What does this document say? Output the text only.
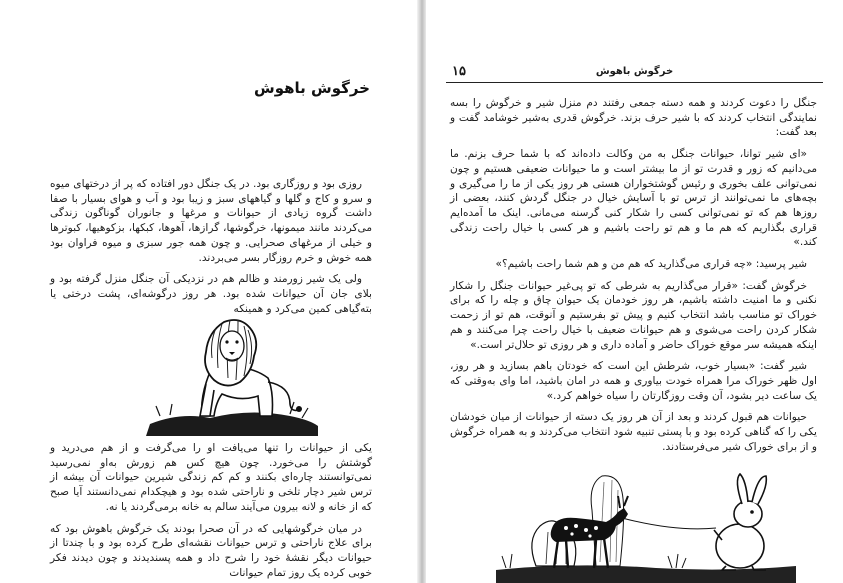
خرگوش باهوش

روزی بود و روزگاری بود. در یک جنگل دور افتاده که پر از درختهای میوه و سرو و کاج و گلها و گیاههای سبز و زیبا بود و آب و هوای بسیار با صفا داشت گروه زیادی از حیوانات و مرغها و جانوران گوناگون زندگی می‌کردند مانند میمونها، خرگوشها، گرازها، آهوها، کبکها، بزکوهیها، کبوترها و خیلی از مرغهای صحرایی. و چون همه جور سبزی و میوه فراوان بود همه خوش و خرم روزگار بسر می‌بردند.

ولی یک شیر زورمند و ظالم هم در نزدیکی آن جنگل منزل گرفته بود و بلای جان آن حیوانات شده بود. هر روز درگوشه‌ای، پشت درختی یا بته‌گیاهی کمین می‌کرد و همینکه

یکی از حیوانات را تنها می‌یافت او را می‌گرفت و از هم می‌درید و گوشتش را می‌خورد. چون هیچ کس هم زورش به‌او نمی‌رسید نمی‌توانستند چاره‌ای بکنند و کم کم زندگی شیرین حیوانات آن بیشه از ترس شیر دچار تلخی و ناراحتی شده بود و هیچکدام نمی‌دانستند آیا صبح که از خانه و لانه بیرون می‌آیند سالم به خانه برمی‌گردند یا نه.

در میان خرگوشهایی که در آن صحرا بودند یک خرگوش باهوش بود که برای علاج ناراحتی و ترس حیوانات نقشه‌ای طرح کرده بود و با چندتا از حیوانات دیگر نقشهٔ خود را شرح داد و همه پسندیدند و چون دیدند فکر خوبی کرده یک روز تمام حیوانات

خرگوش باهوش
۱۵

جنگل را دعوت کردند و همه دسته جمعی رفتند دم منزل شیر و خرگوش را بسه نمایندگی انتخاب کردند که با شیر حرف بزند. خرگوش قدری به‌شیر خوشامد گفت و بعد گفت:

«ای شیر توانا، حیوانات جنگل به من وکالت داده‌اند که با شما حرف بزنم. ما می‌دانیم که زور و قدرت تو از ما بیشتر است و ما حیوانات ضعیفی هستیم و چون نمی‌توانی علف بخوری و رئیس گوشتخواران هستی هر روز یکی از ما را می‌گیری و بچه‌های ما نمی‌توانند از ترس تو با آسایش خیال در جنگل گردش کنند، بعضی از روزها هم که تو نمی‌توانی کسی را شکار کنی گرسنه می‌مانی. اینک ما آمده‌ایم قراری بگذاریم که هم ما و هم تو راحت باشیم و هر کسی با خیال راحت زندگی کند.»

شیر پرسید: «چه قراری می‌گذارید که هم من و هم شما راحت باشیم؟»

خرگوش گفت: «قرار می‌گذاریم به شرطی که تو پی‌غیر حیوانات جنگل را شکار نکنی و ما امنیت داشته باشیم، هر روز خودمان یک حیوان چاق و چله را که برای خوراک تو مناسب باشد انتخاب کنیم و پیش تو بفرستیم و آنوقت، هم تو از زحمت شکار کردن راحت می‌شوی و هم حیوانات ضعیف با خیال راحت چرا می‌کنند و هم اینکه همیشه سر موقع خوراک حاضر و آماده داری و هر روزی تو حلال‌تر است.»

شیر گفت: «بسیار خوب، شرطش این است که خودتان باهم بسازید و هر روز، اول ظهر خوراک مرا همراه خودت بیاوری و همه در امان باشید، اما وای به‌وقتی که یک ساعت دیر بشود، آن وقت روزگارتان را سیاه خواهم کرد.»

حیوانات هم قبول کردند و بعد از آن هر روز یک دسته از حیوانات از میان خودشان یکی را که گناهی کرده بود و با پستی تنبیه شود انتخاب می‌کردند و به همراه خرگوش و از برای خوراک شیر می‌فرستادند.
